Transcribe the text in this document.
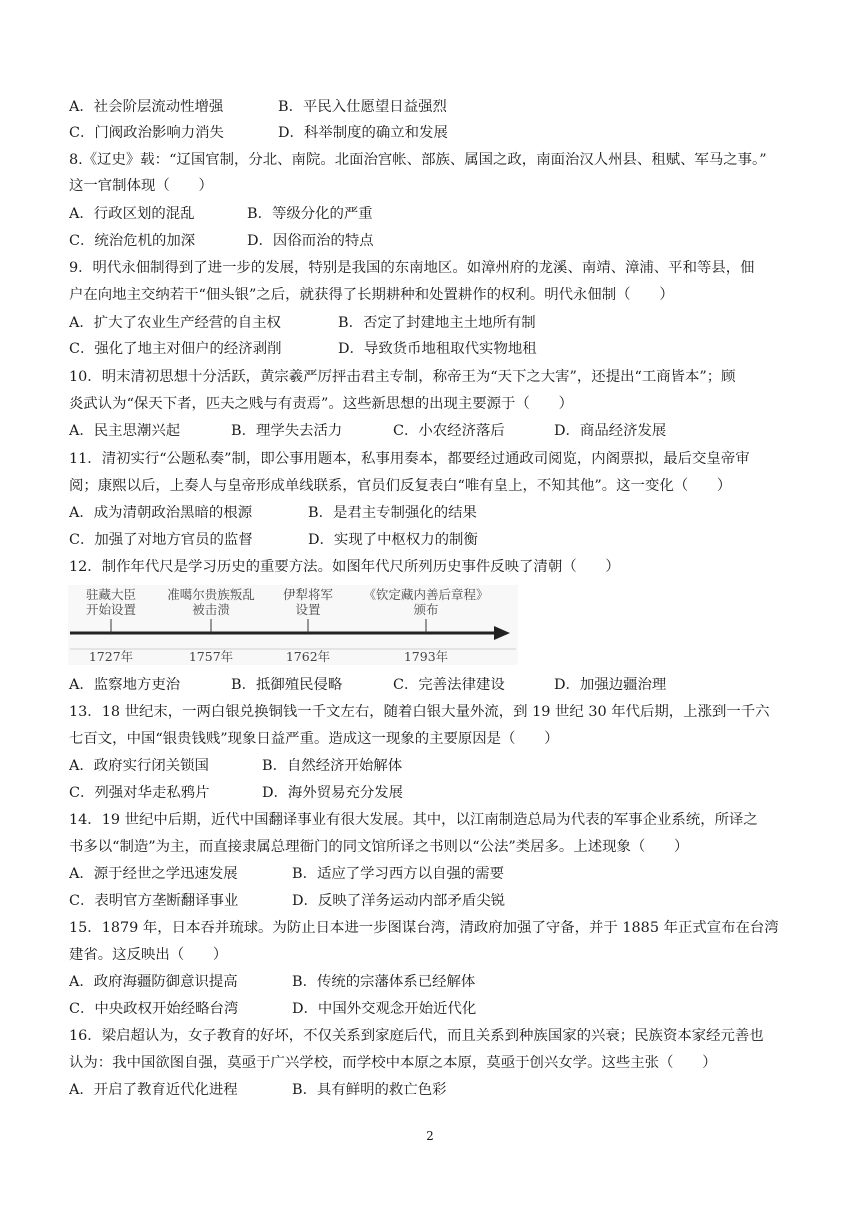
A．社会阶层流动性增强	B．平民入仕愿望日益强烈
C．门阀政治影响力消失	D．科举制度的确立和发展
8.《辽史》载：“辽国官制，分北、南院。北面治宫帐、部族、属国之政，南面治汉人州县、租赋、军马之事。”
这一官制体现（　　）
A．行政区划的混乱	B．等级分化的严重
C．统治危机的加深	D．因俗而治的特点
9．明代永佃制得到了进一步的发展，特别是我国的东南地区。如漳州府的龙溪、南靖、漳浦、平和等县，佃
户在向地主交纳若干“佃头银”之后，就获得了长期耕种和处置耕作的权利。明代永佃制（　　）
A．扩大了农业生产经营的自主权	B．否定了封建地主土地所有制
C．强化了地主对佃户的经济剥削	D．导致货币地租取代实物地租
10．明末清初思想十分活跃，黄宗羲严厉抨击君主专制，称帝王为“天下之大害”，还提出“工商皆本”；顾
炎武认为“保天下者，匹夫之贱与有责焉”。这些新思想的出现主要源于（　　）
A．民主思潮兴起	B．理学失去活力	C．小农经济落后	D．商品经济发展
11．清初实行“公题私奏”制，即公事用题本，私事用奏本，都要经过通政司阅览，内阁票拟，最后交皇帝审
阅；康熙以后，上奏人与皇帝形成单线联系，官员们反复表白“唯有皇上，不知其他”。这一变化（　　）
A．成为清朝政治黑暗的根源	B．是君主专制强化的结果
C．加强了对地方官员的监督	D．实现了中枢权力的制衡
12．制作年代尺是学习历史的重要方法。如图年代尺所列历史事件反映了清朝（　　）
驻藏大臣
开始设置
1727年
准噶尔贵族叛乱
被击溃
1757年
伊犁将军
设置
1762年
《钦定藏内善后章程》
颁布
1793年
A．监察地方吏治	B．抵御殖民侵略	C．完善法律建设	D．加强边疆治理
13．18 世纪末，一两白银兑换铜钱一千文左右，随着白银大量外流，到 19 世纪 30 年代后期，上涨到一千六
七百文，中国“银贵钱贱”现象日益严重。造成这一现象的主要原因是（　　）
A．政府实行闭关锁国	B．自然经济开始解体
C．列强对华走私鸦片	D．海外贸易充分发展
14．19 世纪中后期，近代中国翻译事业有很大发展。其中，以江南制造总局为代表的军事企业系统，所译之
书多以“制造”为主，而直接隶属总理衙门的同文馆所译之书则以“公法”类居多。上述现象（　　）
A．源于经世之学迅速发展	B．适应了学习西方以自强的需要
C．表明官方垄断翻译事业	D．反映了洋务运动内部矛盾尖锐
15．1879 年，日本吞并琉球。为防止日本进一步图谋台湾，清政府加强了守备，并于 1885 年正式宣布在台湾
建省。这反映出（　　）
A．政府海疆防御意识提高	B．传统的宗藩体系已经解体
C．中央政权开始经略台湾	D．中国外交观念开始近代化
16．梁启超认为，女子教育的好坏，不仅关系到家庭后代，而且关系到种族国家的兴衰；民族资本家经元善也
认为：我中国欲图自强，莫亟于广兴学校，而学校中本原之本原，莫亟于创兴女学。这些主张（　　）
A．开启了教育近代化进程	B．具有鲜明的救亡色彩
2
